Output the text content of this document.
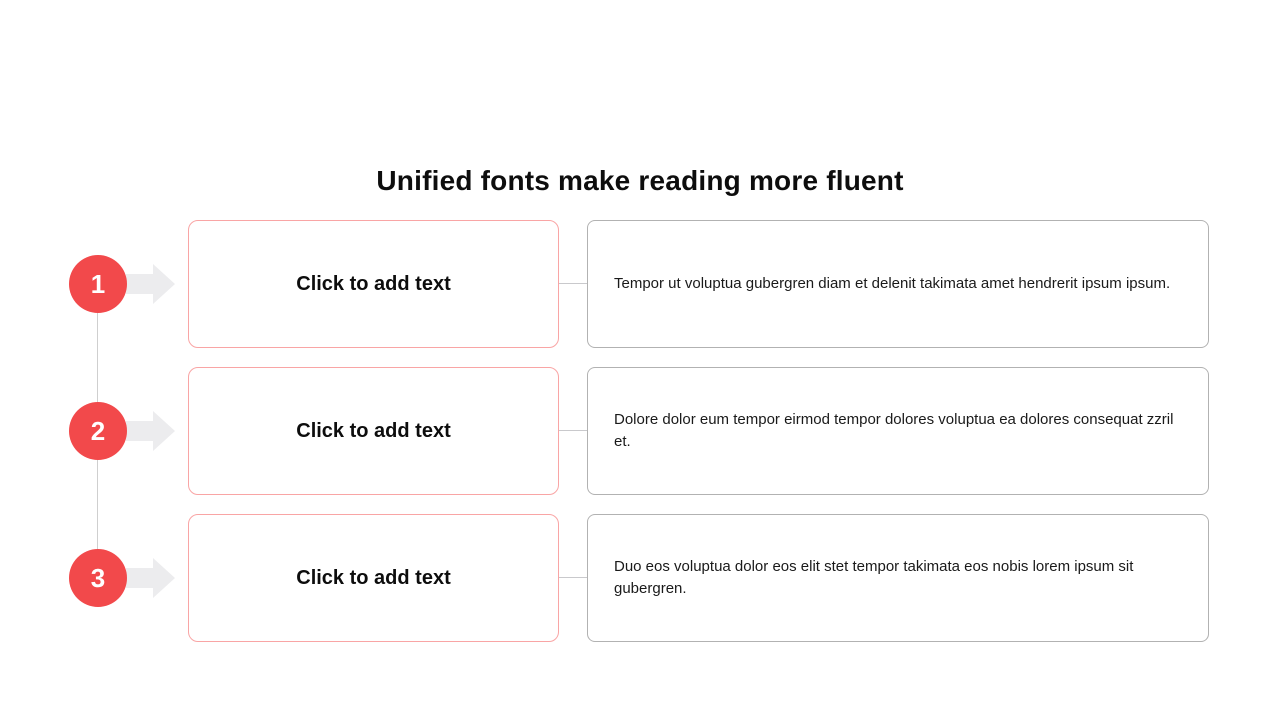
Unified fonts make reading more fluent
1	Click to add text	Tempor ut voluptua gubergren diam et delenit takimata amet hendrerit ipsum ipsum.

2	Click to add text	Dolore dolor eum tempor eirmod tempor dolores voluptua ea dolores consequat zzril et.

3	Click to add text	Duo eos voluptua dolor eos elit stet tempor takimata eos nobis lorem ipsum sit gubergren.
